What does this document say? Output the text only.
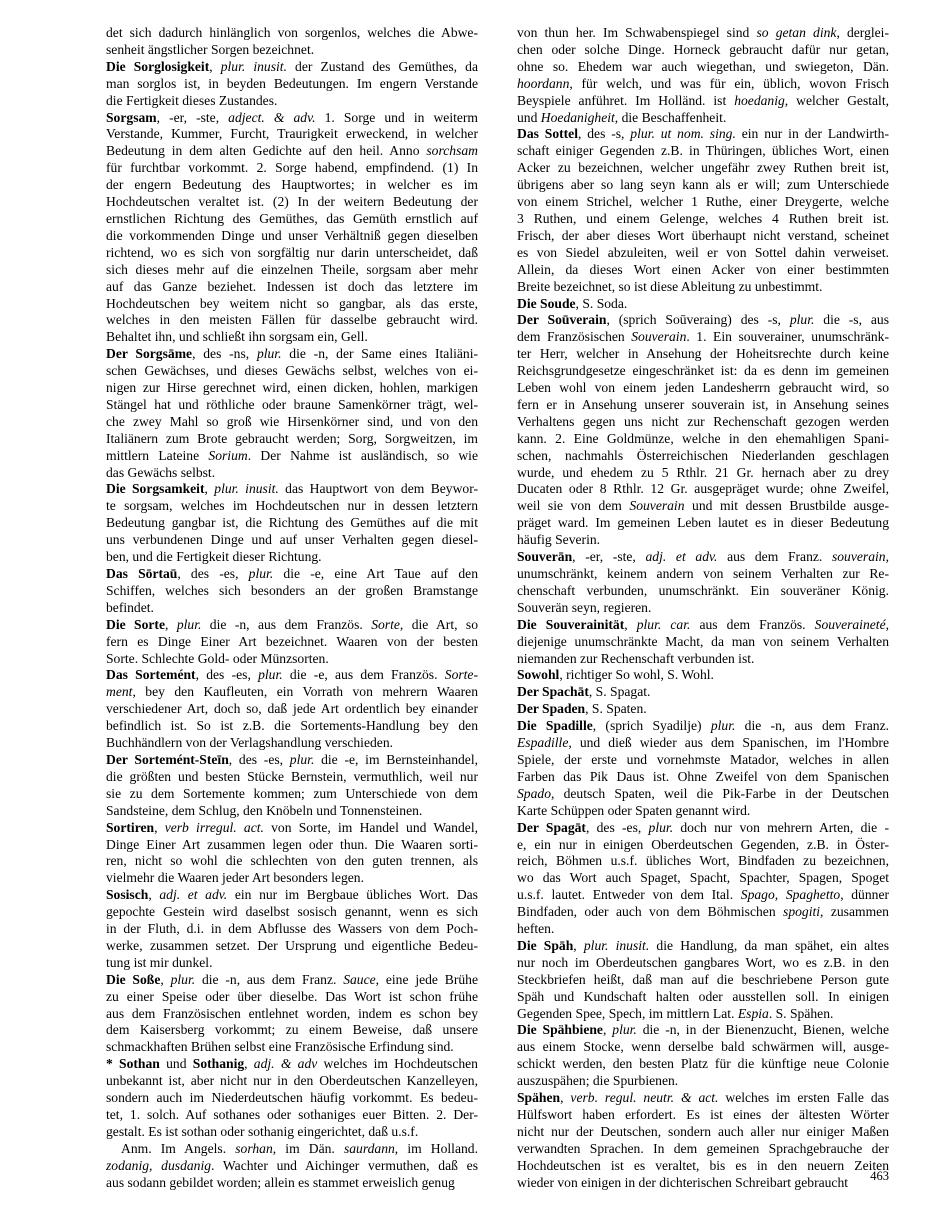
det sich dadurch hinlänglich von sorgenlos, welches die Abwe-
senheit ängstlicher Sorgen bezeichnet.
Die Sorglosigkeit, plur. inusit. der Zustand des Gemüthes, da
man sorglos ist, in beyden Bedeutungen. Im engern Verstande
die Fertigkeit dieses Zustandes.
Sorgsam, -er, -ste, adject. & adv. 1. Sorge und in weiterm
Verstande, Kummer, Furcht, Traurigkeit erweckend, in welcher
Bedeutung in dem alten Gedichte auf den heil. Anno sorchsam
für furchtbar vorkommt. 2. Sorge habend, empfindend. (1) In
der engern Bedeutung des Hauptwortes; in welcher es im
Hochdeutschen veraltet ist. (2) In der weitern Bedeutung der
ernstlichen Richtung des Gemüthes, das Gemüth ernstlich auf
die vorkommenden Dinge und unser Verhältniß gegen dieselben
richtend, wo es sich von sorgfältig nur darin unterscheidet, daß
sich dieses mehr auf die einzelnen Theile, sorgsam aber mehr
auf das Ganze beziehet. Indessen ist doch das letztere im
Hochdeutschen bey weitem nicht so gangbar, als das erste,
welches in den meisten Fällen für dasselbe gebraucht wird.
Behaltet ihn, und schließt ihn sorgsam ein, Gell.
Der Sorgsāme, des -ns, plur. die -n, der Same eines Italiäni-
schen Gewächses, und dieses Gewächs selbst, welches von ei-
nigen zur Hirse gerechnet wird, einen dicken, hohlen, markigen
Stängel hat und röthliche oder braune Samenkörner trägt, wel-
che zwey Mahl so groß wie Hirsenkörner sind, und von den
Italiänern zum Brote gebraucht werden; Sorg, Sorgweitzen, im
mittlern Lateine Sorium. Der Nahme ist ausländisch, so wie
das Gewächs selbst.
Die Sorgsamkeit, plur. inusit. das Hauptwort von dem Beywor-
te sorgsam, welches im Hochdeutschen nur in dessen letztern
Bedeutung gangbar ist, die Richtung des Gemüthes auf die mit
uns verbundenen Dinge und auf unser Verhalten gegen diesel-
ben, und die Fertigkeit dieser Richtung.
Das Sōrtaū, des -es, plur. die -e, eine Art Taue auf den
Schiffen, welches sich besonders an der großen Bramstange
befindet.
Die Sorte, plur. die -n, aus dem Französ. Sorte, die Art, so
fern es Dinge Einer Art bezeichnet. Waaren von der besten
Sorte. Schlechte Gold- oder Münzsorten.
Das Sortemént, des -es, plur. die -e, aus dem Französ. Sorte-
ment, bey den Kaufleuten, ein Vorrath von mehrern Waaren
verschiedener Art, doch so, daß jede Art ordentlich bey einander
befindlich ist. So ist z.B. die Sortements-Handlung bey den
Buchhändlern von der Verlagshandlung verschieden.
Der Sortemént-Steīn, des -es, plur. die -e, im Bernsteinhandel,
die größten und besten Stücke Bernstein, vermuthlich, weil nur
sie zu dem Sortemente kommen; zum Unterschiede von dem
Sandsteine, dem Schlug, den Knöbeln und Tonnensteinen.
Sortiren, verb irregul. act. von Sorte, im Handel und Wandel,
Dinge Einer Art zusammen legen oder thun. Die Waaren sorti-
ren, nicht so wohl die schlechten von den guten trennen, als
vielmehr die Waaren jeder Art besonders legen.
Sosisch, adj. et adv. ein nur im Bergbaue übliches Wort. Das
gepochte Gestein wird daselbst sosisch genannt, wenn es sich
in der Fluth, d.i. in dem Abflusse des Wassers von dem Poch-
werke, zusammen setzet. Der Ursprung und eigentliche Bedeu-
tung ist mir dunkel.
Die Soße, plur. die -n, aus dem Franz. Sauce, eine jede Brühe
zu einer Speise oder über dieselbe. Das Wort ist schon frühe
aus dem Französischen entlehnet worden, indem es schon bey
dem Kaisersberg vorkommt; zu einem Beweise, daß unsere
schmackhaften Brühen selbst eine Französische Erfindung sind.
* Sothan und Sothanig, adj. & adv welches im Hochdeutschen
unbekannt ist, aber nicht nur in den Oberdeutschen Kanzelleyen,
sondern auch im Niederdeutschen häufig vorkommt. Es bedeu-
tet, 1. solch. Auf sothanes oder sothaniges euer Bitten. 2. Der-
gestalt. Es ist sothan oder sothanig eingerichtet, daß u.s.f.
Anm. Im Angels. sorhan, im Dän. saurdann, im Holland.
zodanig, dusdanig. Wachter und Aichinger vermuthen, daß es
aus sodann gebildet worden; allein es stammet erweislich genug
von thun her. Im Schwabenspiegel sind so getan dink, derglei-
chen oder solche Dinge. Horneck gebraucht dafür nur getan,
ohne so. Ehedem war auch wiegethan, und swiegeton, Dän.
hoordann, für welch, und was für ein, üblich, wovon Frisch
Beyspiele anführet. Im Holländ. ist hoedanig, welcher Gestalt,
und Hoedanigheit, die Beschaffenheit.
Das Sottel, des -s, plur. ut nom. sing. ein nur in der Landwirth-
schaft einiger Gegenden z.B. in Thüringen, übliches Wort, einen
Acker zu bezeichnen, welcher ungefähr zwey Ruthen breit ist,
übrigens aber so lang seyn kann als er will; zum Unterschiede
von einem Strichel, welcher 1 Ruthe, einer Dreygerte, welche
3 Ruthen, und einem Gelenge, welches 4 Ruthen breit ist.
Frisch, der aber dieses Wort überhaupt nicht verstand, scheinet
es von Siedel abzuleiten, weil er von Sottel dahin verweiset.
Allein, da dieses Wort einen Acker von einer bestimmten
Breite bezeichnet, so ist diese Ableitung zu unbestimmt.
Die Soude, S. Soda.
Der Soūverain, (sprich Soūveraing) des -s, plur. die -s, aus
dem Französischen Souverain. 1. Ein souverainer, unumschränk-
ter Herr, welcher in Ansehung der Hoheitsrechte durch keine
Reichsgrundgesetze eingeschränket ist: da es denn im gemeinen
Leben wohl von einem jeden Landesherrn gebraucht wird, so
fern er in Ansehung unserer souverain ist, in Ansehung seines
Verhaltens gegen uns nicht zur Rechenschaft gezogen werden
kann. 2. Eine Goldmünze, welche in den ehemahligen Spani-
schen, nachmahls Österreichischen Niederlanden geschlagen
wurde, und ehedem zu 5 Rthlr. 21 Gr. hernach aber zu drey
Ducaten oder 8 Rthlr. 12 Gr. ausgepräget wurde; ohne Zweifel,
weil sie von dem Souverain und mit dessen Brustbilde ausge-
präget ward. Im gemeinen Leben lautet es in dieser Bedeutung
häufig Severin.
Souverān, -er, -ste, adj. et adv. aus dem Franz. souverain,
unumschränkt, keinem andern von seinem Verhalten zur Re-
chenschaft verbunden, unumschränkt. Ein souveräner König.
Souverän seyn, regieren.
Die Souverainität, plur. car. aus dem Französ. Souveraineté,
diejenige unumschränkte Macht, da man von seinem Verhalten
niemanden zur Rechenschaft verbunden ist.
Sowohl, richtiger So wohl, S. Wohl.
Der Spachāt, S. Spagat.
Der Spaden, S. Spaten.
Die Spadille, (sprich Syadilje) plur. die -n, aus dem Franz.
Espadille, und dieß wieder aus dem Spanischen, im l'Hombre
Spiele, der erste und vornehmste Matador, welches in allen
Farben das Pik Daus ist. Ohne Zweifel von dem Spanischen
Spado, deutsch Spaten, weil die Pik-Farbe in der Deutschen
Karte Schüppen oder Spaten genannt wird.
Der Spagāt, des -es, plur. doch nur von mehrern Arten, die -
e, ein nur in einigen Oberdeutschen Gegenden, z.B. in Öster-
reich, Böhmen u.s.f. übliches Wort, Bindfaden zu bezeichnen,
wo das Wort auch Spaget, Spacht, Spachter, Spagen, Spoget
u.s.f. lautet. Entweder von dem Ital. Spago, Spaghetto, dünner
Bindfaden, oder auch von dem Böhmischen spogiti, zusammen
heften.
Die Spāh, plur. inusit. die Handlung, da man spähet, ein altes
nur noch im Oberdeutschen gangbares Wort, wo es z.B. in den
Steckbriefen heißt, daß man auf die beschriebene Person gute
Späh und Kundschaft halten oder ausstellen soll. In einigen
Gegenden Spee, Spech, im mittlern Lat. Espia. S. Spähen.
Die Spähbiene, plur. die -n, in der Bienenzucht, Bienen, welche
aus einem Stocke, wenn derselbe bald schwärmen will, ausge-
schickt werden, den besten Platz für die künftige neue Colonie
auszuspähen; die Spurbienen.
Spähen, verb. regul. neutr. & act. welches im ersten Falle das
Hülfswort haben erfordert. Es ist eines der ältesten Wörter
nicht nur der Deutschen, sondern auch aller nur einiger Maßen
verwandten Sprachen. In dem gemeinen Sprachgebrauche der
Hochdeutschen ist es veraltet, bis es in den neuern Zeiten
wieder von einigen in der dichterischen Schreibart gebraucht	463
